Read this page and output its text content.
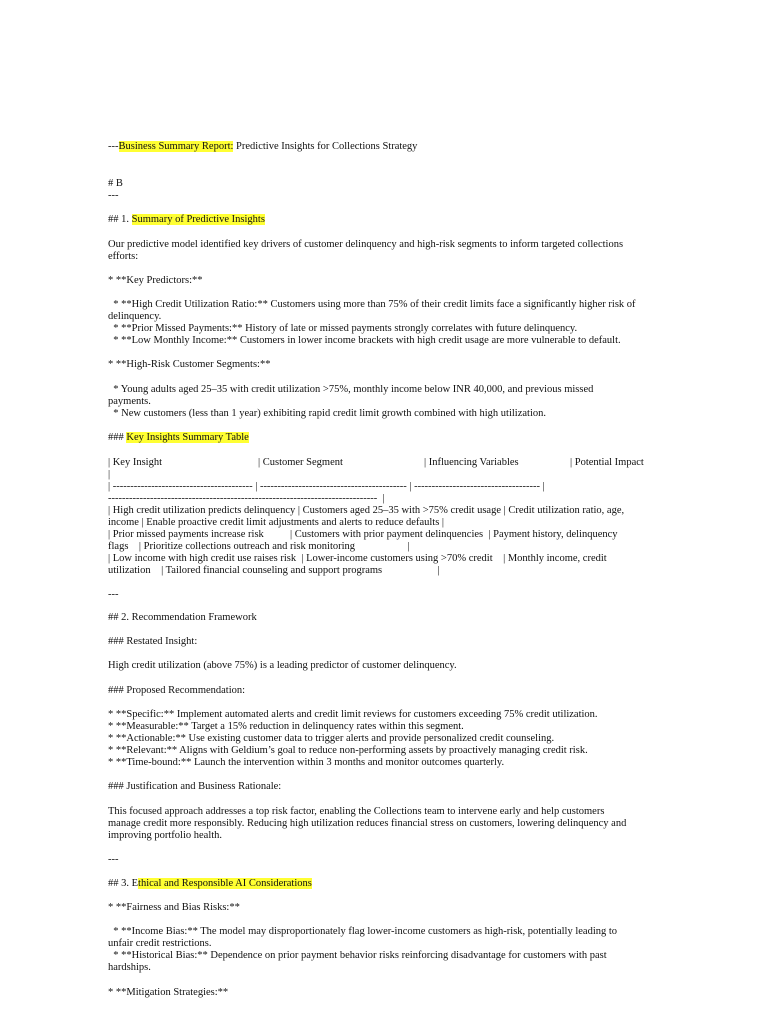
---Business Summary Report: Predictive Insights for Collections Strategy
# B
---
## 1. Summary of Predictive Insights
Our predictive model identified key drivers of customer delinquency and high-risk segments to inform targeted collections
efforts:
* **Key Predictors:**
* **High Credit Utilization Ratio:** Customers using more than 75% of their credit limits face a significantly higher risk of
delinquency.
* **Prior Missed Payments:** History of late or missed payments strongly correlates with future delinquency.
* **Low Monthly Income:** Customers in lower income brackets with high credit usage are more vulnerable to default.
* **High-Risk Customer Segments:**
* Young adults aged 25–35 with credit utilization >75%, monthly income below INR 40,000, and previous missed
payments.
* New customers (less than 1 year) exhibiting rapid credit limit growth combined with high utilization.
### Key Insights Summary Table
| Key Insight	| Customer Segment	| Influencing Variables	| Potential Impact
|
| ---------------------------------------- | ------------------------------------------ | ------------------------------------ |
-----------------------------------------------------------------------------  |
| High credit utilization predicts delinquency | Customers aged 25–35 with >75% credit usage | Credit utilization ratio, age,
income | Enable proactive credit limit adjustments and alerts to reduce defaults |
| Prior missed payments increase risk          | Customers with prior payment delinquencies  | Payment history, delinquency
flags    | Prioritize collections outreach and risk monitoring                    |
| Low income with high credit use raises risk  | Lower-income customers using >70% credit    | Monthly income, credit
utilization    | Tailored financial counseling and support programs                     |
---
## 2. Recommendation Framework
### Restated Insight:
High credit utilization (above 75%) is a leading predictor of customer delinquency.
### Proposed Recommendation:
* **Specific:** Implement automated alerts and credit limit reviews for customers exceeding 75% credit utilization.
* **Measurable:** Target a 15% reduction in delinquency rates within this segment.
* **Actionable:** Use existing customer data to trigger alerts and provide personalized credit counseling.
* **Relevant:** Aligns with Geldium’s goal to reduce non-performing assets by proactively managing credit risk.
* **Time-bound:** Launch the intervention within 3 months and monitor outcomes quarterly.
### Justification and Business Rationale:
This focused approach addresses a top risk factor, enabling the Collections team to intervene early and help customers
manage credit more responsibly. Reducing high utilization reduces financial stress on customers, lowering delinquency and
improving portfolio health.
---
## 3. Ethical and Responsible AI Considerations
* **Fairness and Bias Risks:**
* **Income Bias:** The model may disproportionately flag lower-income customers as high-risk, potentially leading to
unfair credit restrictions.
* **Historical Bias:** Dependence on prior payment behavior risks reinforcing disadvantage for customers with past
hardships.
* **Mitigation Strategies:**
